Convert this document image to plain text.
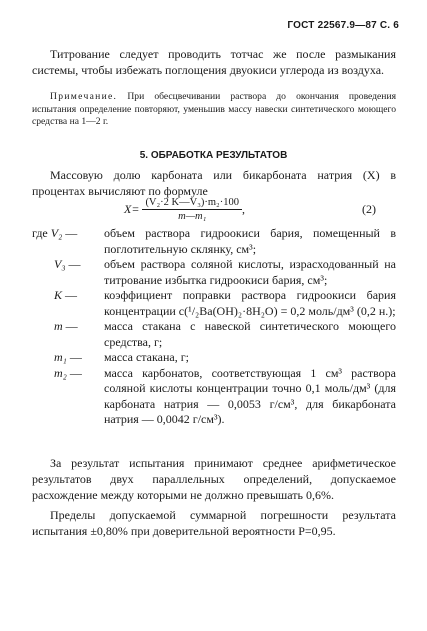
ГОСТ 22567.9—87 С. 6
Титрование следует проводить тотчас же после размыкания системы, чтобы избежать поглощения двуокиси углерода из воздуха.
Примечание. При обесцвечивании раствора до окончания проведения испытания определение повторяют, уменьшив массу навески синтетического моющего средства на 1—2 г.
5. ОБРАБОТКА РЕЗУЛЬТАТОВ
Массовую долю карбоната или бикарбоната натрия (X) в процентах вычисляют по формуле
$X= \frac{\text{(V₂·2 K—V₃)·m₂·100}}{\text{m—m₁}}$ ,	(2)
где V₂ —	объем раствора гидроокиси бария, помещенный в поглотительную склянку, см³;
V₃ —	объем раствора соляной кислоты, израсходованный на титрование избытка гидроокиси бария, см³;
K —	коэффициент поправки раствора гидроокиси бария концентрации c(¹/₂Ba(OH)₂·8H₂O) = 0,2 моль/дм³ (0,2 н.);
m —	масса стакана с навеской синтетического моющего средства, г;
m₁ —	масса стакана, г;
m₂ —	масса карбонатов, соответствующая 1 см³ раствора соляной кислоты концентрации точно 0,1 моль/дм³ (для карбоната натрия — 0,0053 г/см³, для бикарбоната натрия — 0,0042 г/см³).
За результат испытания принимают среднее арифметическое результатов двух параллельных определений, допускаемое расхождение между которыми не должно превышать 0,6%.
Пределы допускаемой суммарной погрешности результата испытания ±0,80% при доверительной вероятности P=0,95.
